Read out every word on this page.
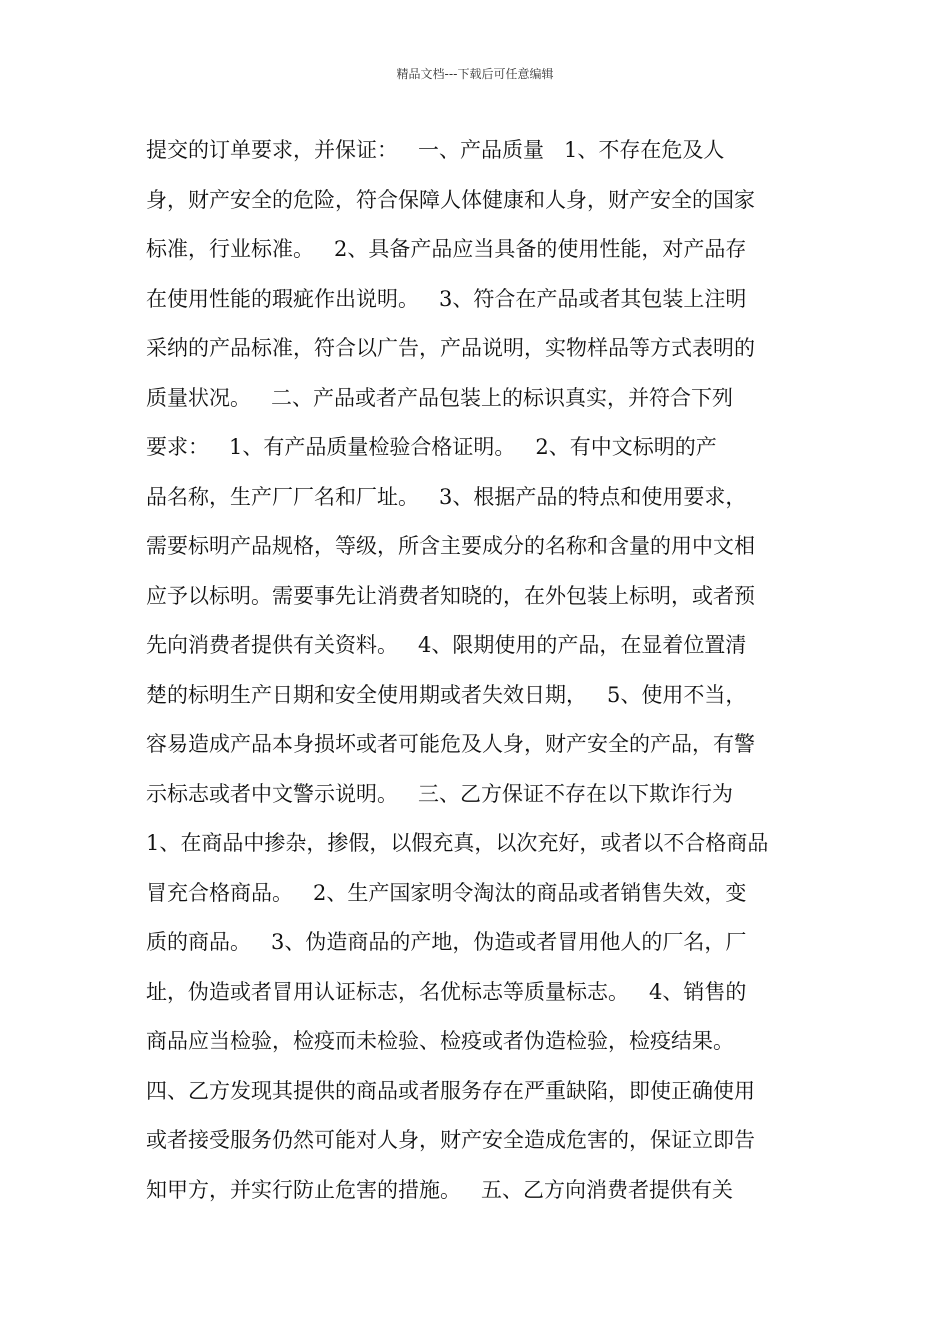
精品文档---下载后可任意编辑
提交的订单要求，并保证：   一、产品质量   1、不存在危及人
身，财产安全的危险，符合保障人体健康和人身，财产安全的国家
标准，行业标准。   2、具备产品应当具备的使用性能，对产品存
在使用性能的瑕疵作出说明。   3、符合在产品或者其包装上注明
采纳的产品标准，符合以广告，产品说明，实物样品等方式表明的
质量状况。   二、产品或者产品包装上的标识真实，并符合下列
要求：   1、有产品质量检验合格证明。   2、有中文标明的产
品名称，生产厂厂名和厂址。   3、根据产品的特点和使用要求，
需要标明产品规格，等级，所含主要成分的名称和含量的用中文相
应予以标明。需要事先让消费者知晓的，在外包装上标明，或者预
先向消费者提供有关资料。   4、限期使用的产品，在显着位置清
楚的标明生产日期和安全使用期或者失效日期，   5、使用不当，
容易造成产品本身损坏或者可能危及人身，财产安全的产品，有警
示标志或者中文警示说明。   三、乙方保证不存在以下欺诈行为
1、在商品中掺杂，掺假，以假充真，以次充好，或者以不合格商品
冒充合格商品。   2、生产国家明令淘汰的商品或者销售失效，变
质的商品。   3、伪造商品的产地，伪造或者冒用他人的厂名，厂
址，伪造或者冒用认证标志，名优标志等质量标志。   4、销售的
商品应当检验，检疫而未检验、检疫或者伪造检验，检疫结果。
四、乙方发现其提供的商品或者服务存在严重缺陷，即使正确使用
或者接受服务仍然可能对人身，财产安全造成危害的，保证立即告
知甲方，并实行防止危害的措施。   五、乙方向消费者提供有关
